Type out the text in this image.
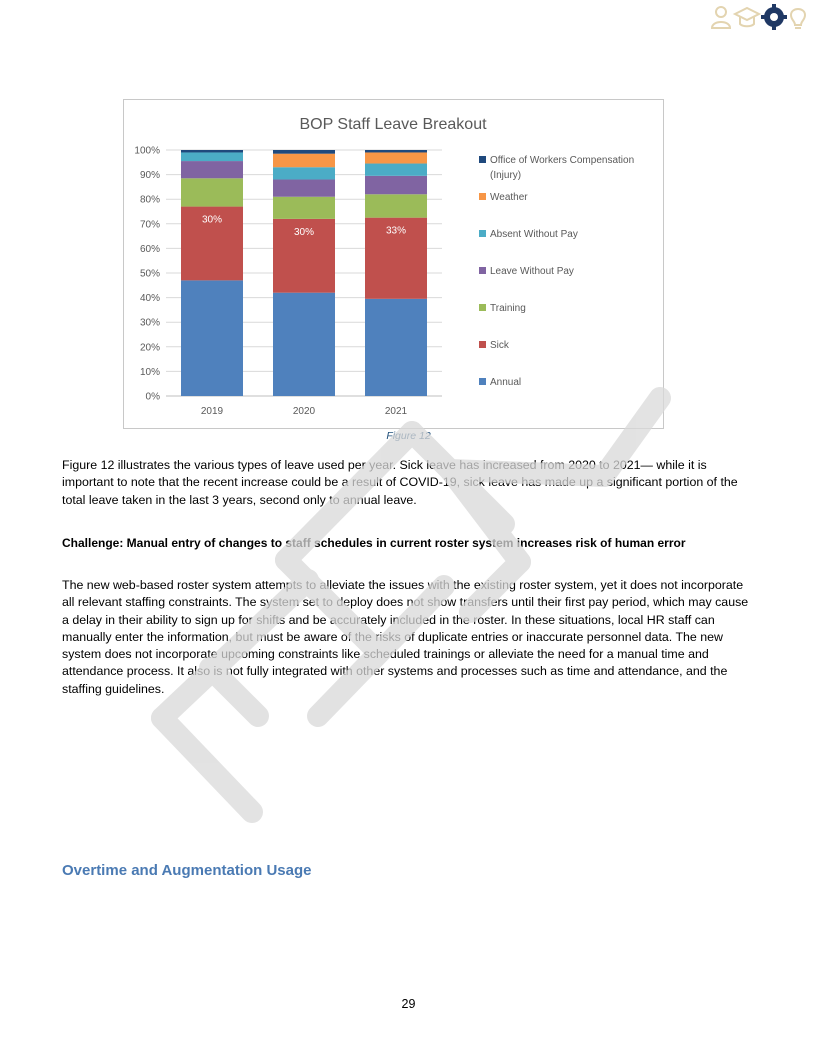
BOP Staff Leave Breakout
0%
10%
20%
30%
40%
50%
60%
70%
80%
90%
100%
30%
2019
30%
2020
33%
2021
Office of Workers Compensation
(Injury)
Weather
Absent Without Pay
Leave Without Pay
Training
Sick
Annual
Figure 12

Figure 12 illustrates the various types of leave used per year. Sick leave has increased from 2020 to 2021— while it is important to note that the recent increase could be a result of COVID-19, sick leave has made up a significant portion of the total leave taken in the last 3 years, second only to annual leave.

Challenge: Manual entry of changes to staff schedules in current roster system increases risk of human error

The new web-based roster system attempts to alleviate the issues with the existing roster system, yet it does not incorporate all relevant staffing constraints. The system set to deploy does not show transfers until their first pay period, which may cause a delay in their ability to sign up for shifts and be accurately included in the roster. In these situations, local HR staff can manually enter the information, but must be aware of the risks of duplicate entries or inaccurate personnel data. The new system does not incorporate upcoming constraints like scheduled trainings or alleviate the need for a manual time and attendance process. It also is not fully integrated with other systems and processes such as time and attendance, and the staffing guidelines.

Overtime and Augmentation Usage
29
